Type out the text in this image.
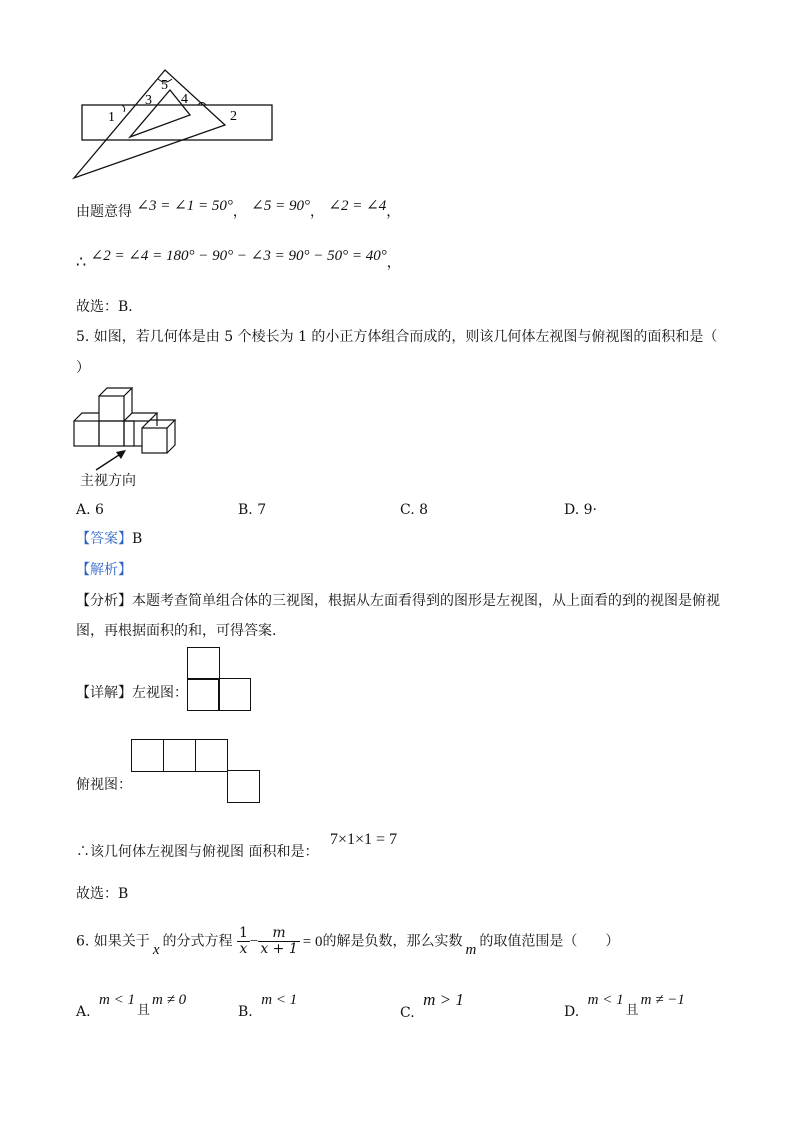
1	2
3 4
5
由题意得 ∠3 = ∠1 = 50°， ∠5 = 90°， ∠2 = ∠4，
∴ ∠2 = ∠4 = 180° − 90° − ∠3 = 90° − 50° = 40°，
故选：B．
5. 如图，若几何体是由 5 个棱长为 1 的小正方体组合而成的，则该几何体左视图与俯视图的面积和是（
）
主视方向
A. 6	B. 7	C. 8	D. 9·
【答案】B
【解析】
【分析】本题考查简单组合体的三视图，根据从左面看得到的图形是左视图，从上面看的到的视图是俯视
图，再根据面积的和，可得答案.
【详解】左视图：
俯视图：
∴该几何体左视图与俯视图 面积和是：
7×1×1 = 7
故选：B
6. 如果关于 x 的分式方程 $\frac{1}{x} - \frac{m}{x + 1} = 0$的解是负数，那么实数 m 的取值范围是（　　）
A. m < 1且m ≠ 0
B. m < 1
C. m > 1
D. m < 1且m ≠ −1
